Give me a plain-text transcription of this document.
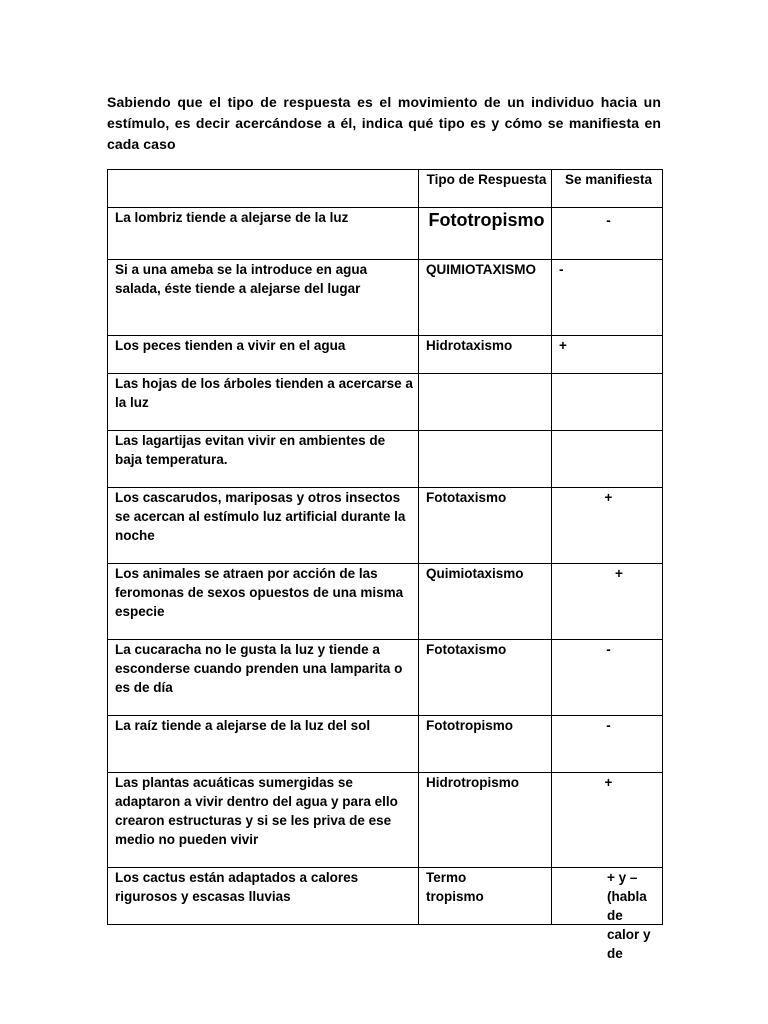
Sabiendo que el tipo de respuesta es el movimiento de un individuo hacia un estímulo, es decir acercándose a él, indica qué tipo es y cómo se manifiesta en cada caso
	Tipo de Respuesta	Se manifiesta
La lombriz tiende a alejarse de la luz	Fototropismo	-
Si a una ameba se la introduce en agua salada, éste tiende a alejarse del lugar	QUIMIOTAXISMO	-
Los peces tienden a vivir en el agua	Hidrotaxismo	+
Las hojas de los árboles tienden a acercarse a la luz		
Las lagartijas evitan vivir en ambientes de baja temperatura.		
Los cascarudos, mariposas y otros insectos se acercan al estímulo luz artificial durante la noche	Fototaxismo	+
Los animales se atraen por acción de las feromonas de sexos opuestos de una misma especie	Quimiotaxismo	+
La cucaracha no le gusta la luz y tiende a esconderse cuando prenden una lamparita o es de día	Fototaxismo	-
La raíz tiende a alejarse de la luz del sol	Fototropismo	-
Las plantas acuáticas sumergidas se adaptaron a vivir dentro del agua y para ello crearon estructuras y si se les priva de ese medio no pueden vivir	Hidrotropismo	+
Los cactus están adaptados a calores rigurosos y escasas lluvias	Termo tropismo	+ y – (habla de calor y de
